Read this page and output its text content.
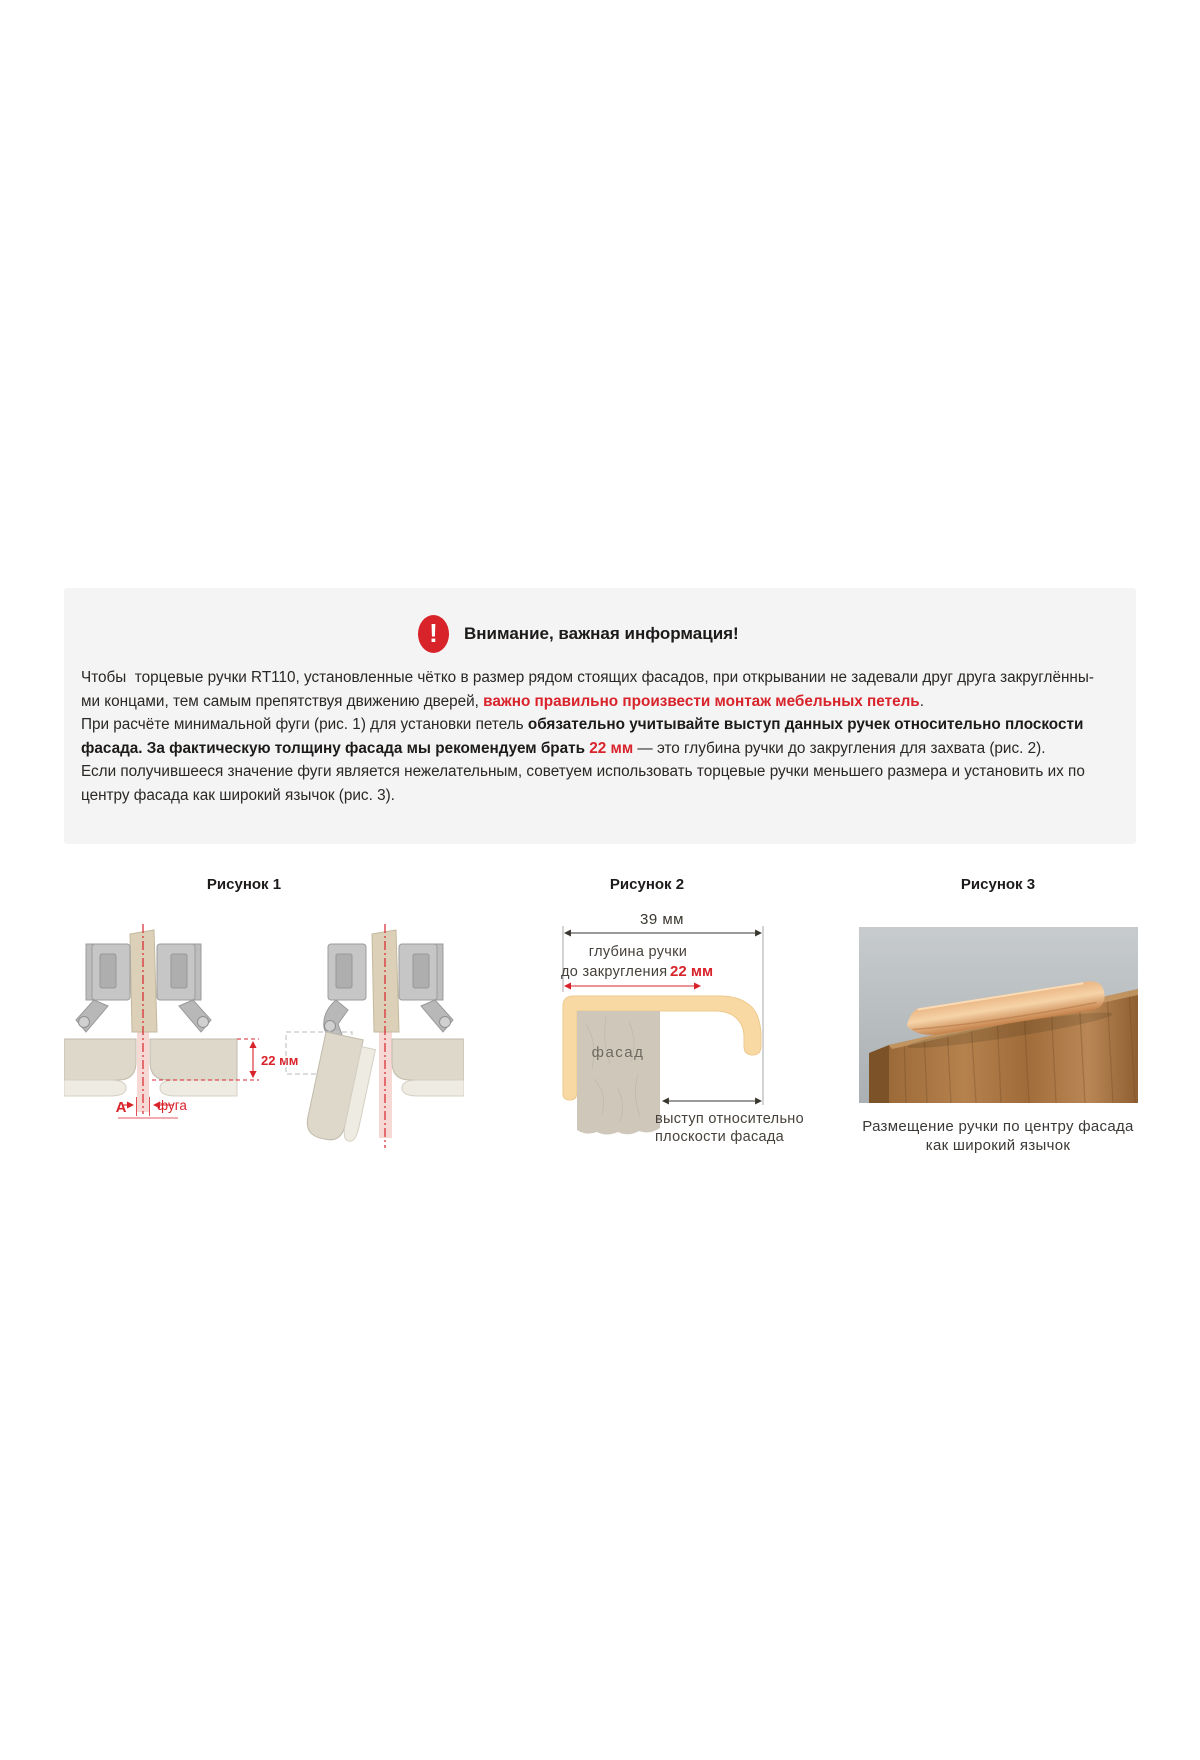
! Внимание, важная информация!

Чтобы  торцевые ручки RT110, установленные чётко в размер рядом стоящих фасадов, при открывании не задевали друг друга закруглённы-
ми концами, тем самым препятствуя движению дверей, важно правильно произвести монтаж мебельных петель.
При расчёте минимальной фуги (рис. 1) для установки петель обязательно учитывайте выступ данных ручек относительно плоскости
фасада. За фактическую толщину фасада мы рекомендуем брать 22 мм — это глубина ручки до закругления для захвата (рис. 2).
Если получившееся значение фуги является нежелательным, советуем использовать торцевые ручки меньшего размера и установить их по
центру фасада как широкий язычок (рис. 3).

Рисунок 1
22 мм
A фуга
Рисунок 2
39 мм
глубина ручки
до закругления 22 мм
фасад
выступ относительно
плоскости фасада
Рисунок 3

Размещение ручки по центру фасада
как широкий язычок
